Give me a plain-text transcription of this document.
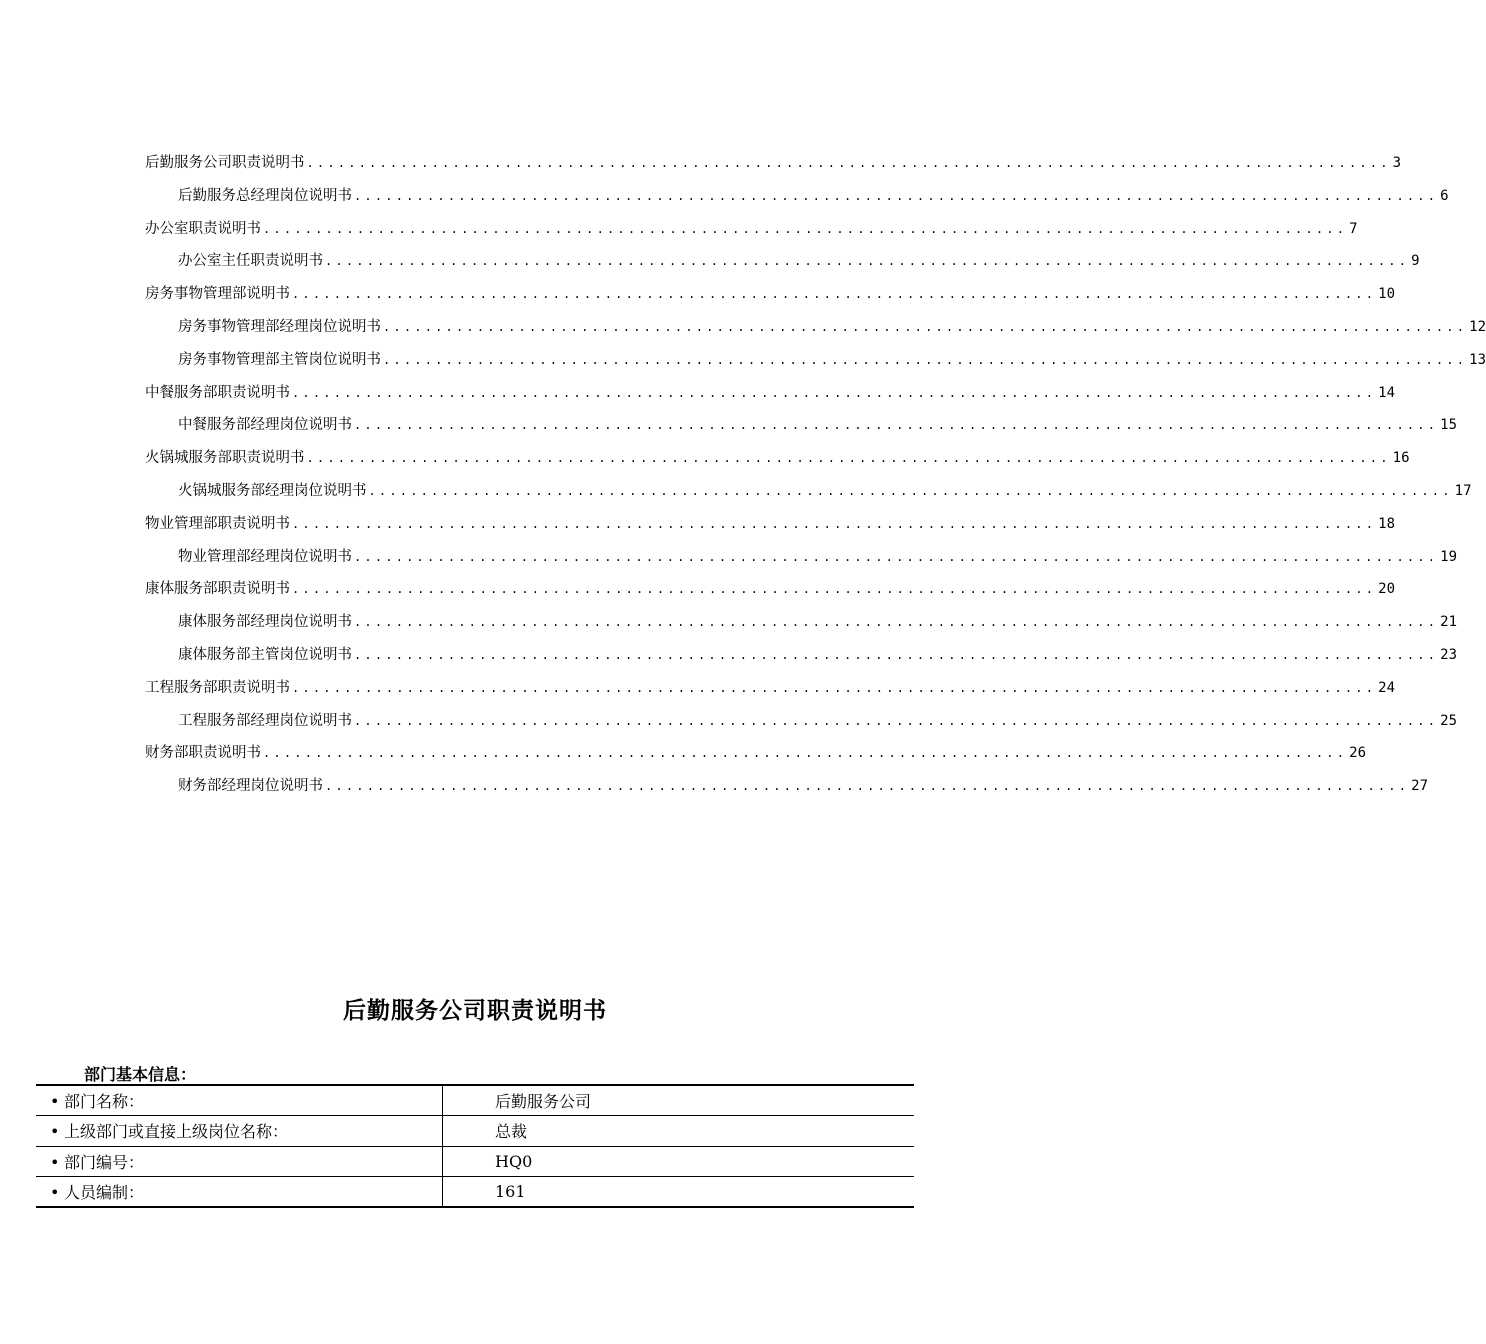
后勤服务公司职责说明书 ........................................................................................................ 3
后勤服务总经理岗位说明书 ........................................................................................................ 6
办公室职责说明书 ........................................................................................................ 7
办公室主任职责说明书 ........................................................................................................ 9
房务事物管理部说明书 ........................................................................................................ 10
房务事物管理部经理岗位说明书 ........................................................................................................ 12
房务事物管理部主管岗位说明书 ........................................................................................................ 13
中餐服务部职责说明书 ........................................................................................................ 14
中餐服务部经理岗位说明书 ........................................................................................................ 15
火锅城服务部职责说明书 ........................................................................................................ 16
火锅城服务部经理岗位说明书 ........................................................................................................ 17
物业管理部职责说明书 ........................................................................................................ 18
物业管理部经理岗位说明书 ........................................................................................................ 19
康体服务部职责说明书 ........................................................................................................ 20
康体服务部经理岗位说明书 ........................................................................................................ 21
康体服务部主管岗位说明书 ........................................................................................................ 23
工程服务部职责说明书 ........................................................................................................ 24
工程服务部经理岗位说明书 ........................................................................................................ 25
财务部职责说明书 ........................................................................................................ 26
财务部经理岗位说明书 ........................................................................................................ 27
后勤服务公司职责说明书
部门基本信息：
• 部门名称：	后勤服务公司
• 上级部门或直接上级岗位名称：	总裁
• 部门编号：	HQ0
• 人员编制：	161
